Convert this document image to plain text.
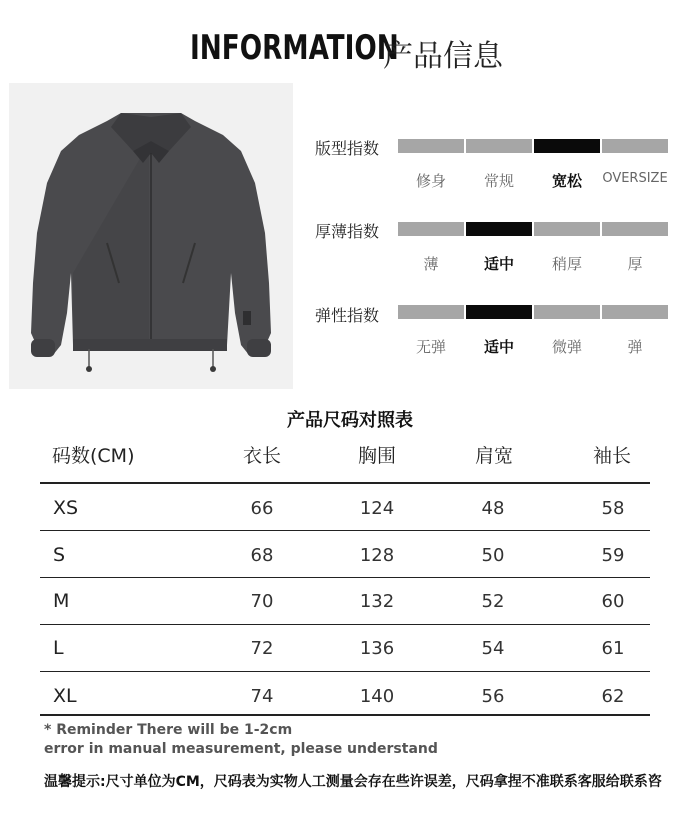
INFORMATION
产品信息
版型指数
修身	常规	宽松	OVERSIZE
厚薄指数
薄	适中	稍厚	厚
弹性指数
无弹	适中	微弹	弹
产品尺码对照表
码数(CM)	衣长	胸围	肩宽	袖长
XS	66	124	48	58
S	68	128	50	59
M	70	132	52	60
L	72	136	54	61
XL	74	140	56	62
* Reminder There will be 1-2cm
error in manual measurement, please understand
温馨提示:尺寸单位为CM，尺码表为实物人工测量会存在些许误差，尺码拿捏不准联系客服给联系咨
